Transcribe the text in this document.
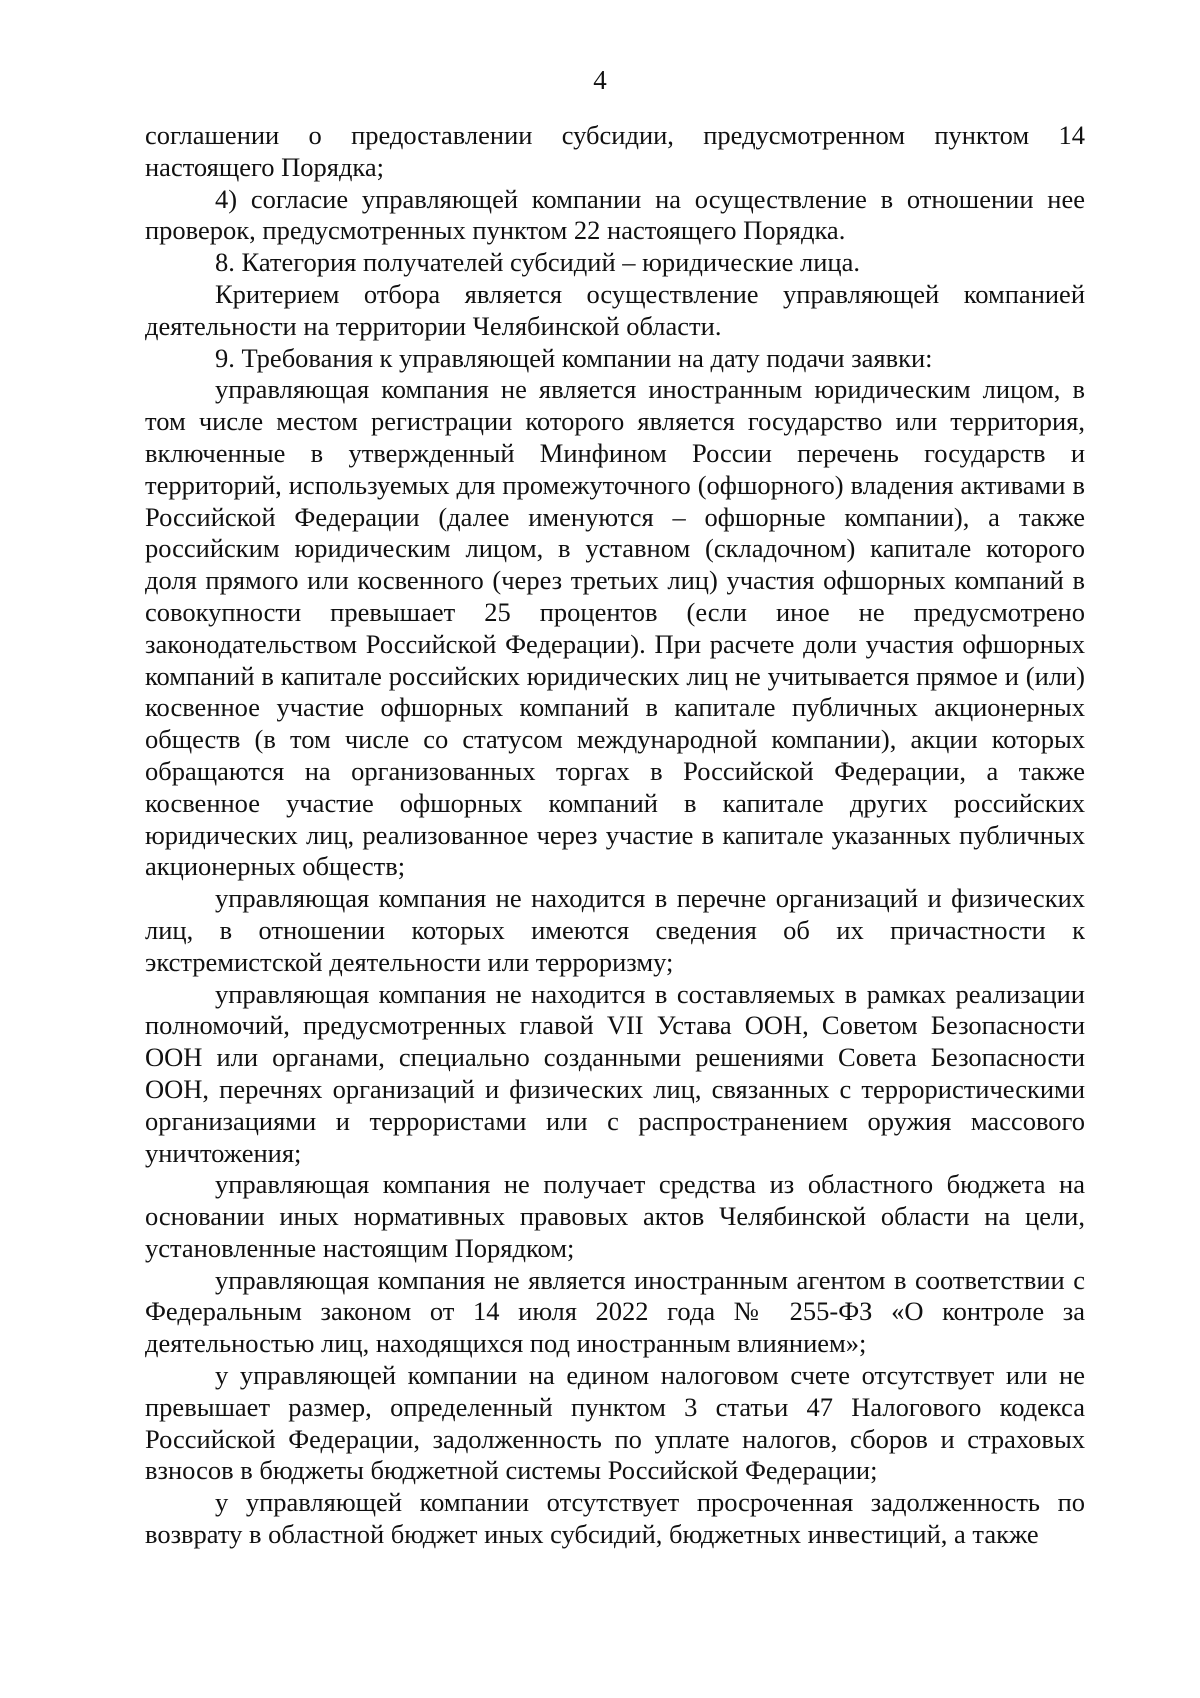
4

соглашении о предоставлении субсидии, предусмотренном пунктом 14 настоящего Порядка;

4) согласие управляющей компании на осуществление в отношении нее проверок, предусмотренных пунктом 22 настоящего Порядка.

8. Категория получателей субсидий – юридические лица.

Критерием отбора является осуществление управляющей компанией деятельности на территории Челябинской области.

9. Требования к управляющей компании на дату подачи заявки:

управляющая компания не является иностранным юридическим лицом, в том числе местом регистрации которого является государство или территория, включенные в утвержденный Минфином России перечень государств и территорий, используемых для промежуточного (офшорного) владения активами в Российской Федерации (далее именуются – офшорные компании), а также российским юридическим лицом, в уставном (складочном) капитале которого доля прямого или косвенного (через третьих лиц) участия офшорных компаний в совокупности превышает 25 процентов (если иное не предусмотрено законодательством Российской Федерации). При расчете доли участия офшорных компаний в капитале российских юридических лиц не учитывается прямое и (или) косвенное участие офшорных компаний в капитале публичных акционерных обществ (в том числе со статусом международной компании), акции которых обращаются на организованных торгах в Российской Федерации, а также косвенное участие офшорных компаний в капитале других российских юридических лиц, реализованное через участие в капитале указанных публичных акционерных обществ;

управляющая компания не находится в перечне организаций и физических лиц, в отношении которых имеются сведения об их причастности к экстремистской деятельности или терроризму;

управляющая компания не находится в составляемых в рамках реализации полномочий, предусмотренных главой VII Устава ООН, Советом Безопасности ООН или органами, специально созданными решениями Совета Безопасности ООН, перечнях организаций и физических лиц, связанных с террористическими организациями и террористами или с распространением оружия массового уничтожения;

управляющая компания не получает средства из областного бюджета на основании иных нормативных правовых актов Челябинской области на цели, установленные настоящим Порядком;

управляющая компания не является иностранным агентом в соответствии с Федеральным законом от 14 июля 2022 года № 255-ФЗ «О контроле за деятельностью лиц, находящихся под иностранным влиянием»;

у управляющей компании на едином налоговом счете отсутствует или не превышает размер, определенный пунктом 3 статьи 47 Налогового кодекса Российской Федерации, задолженность по уплате налогов, сборов и страховых взносов в бюджеты бюджетной системы Российской Федерации;

у управляющей компании отсутствует просроченная задолженность по возврату в областной бюджет иных субсидий, бюджетных инвестиций, а также
